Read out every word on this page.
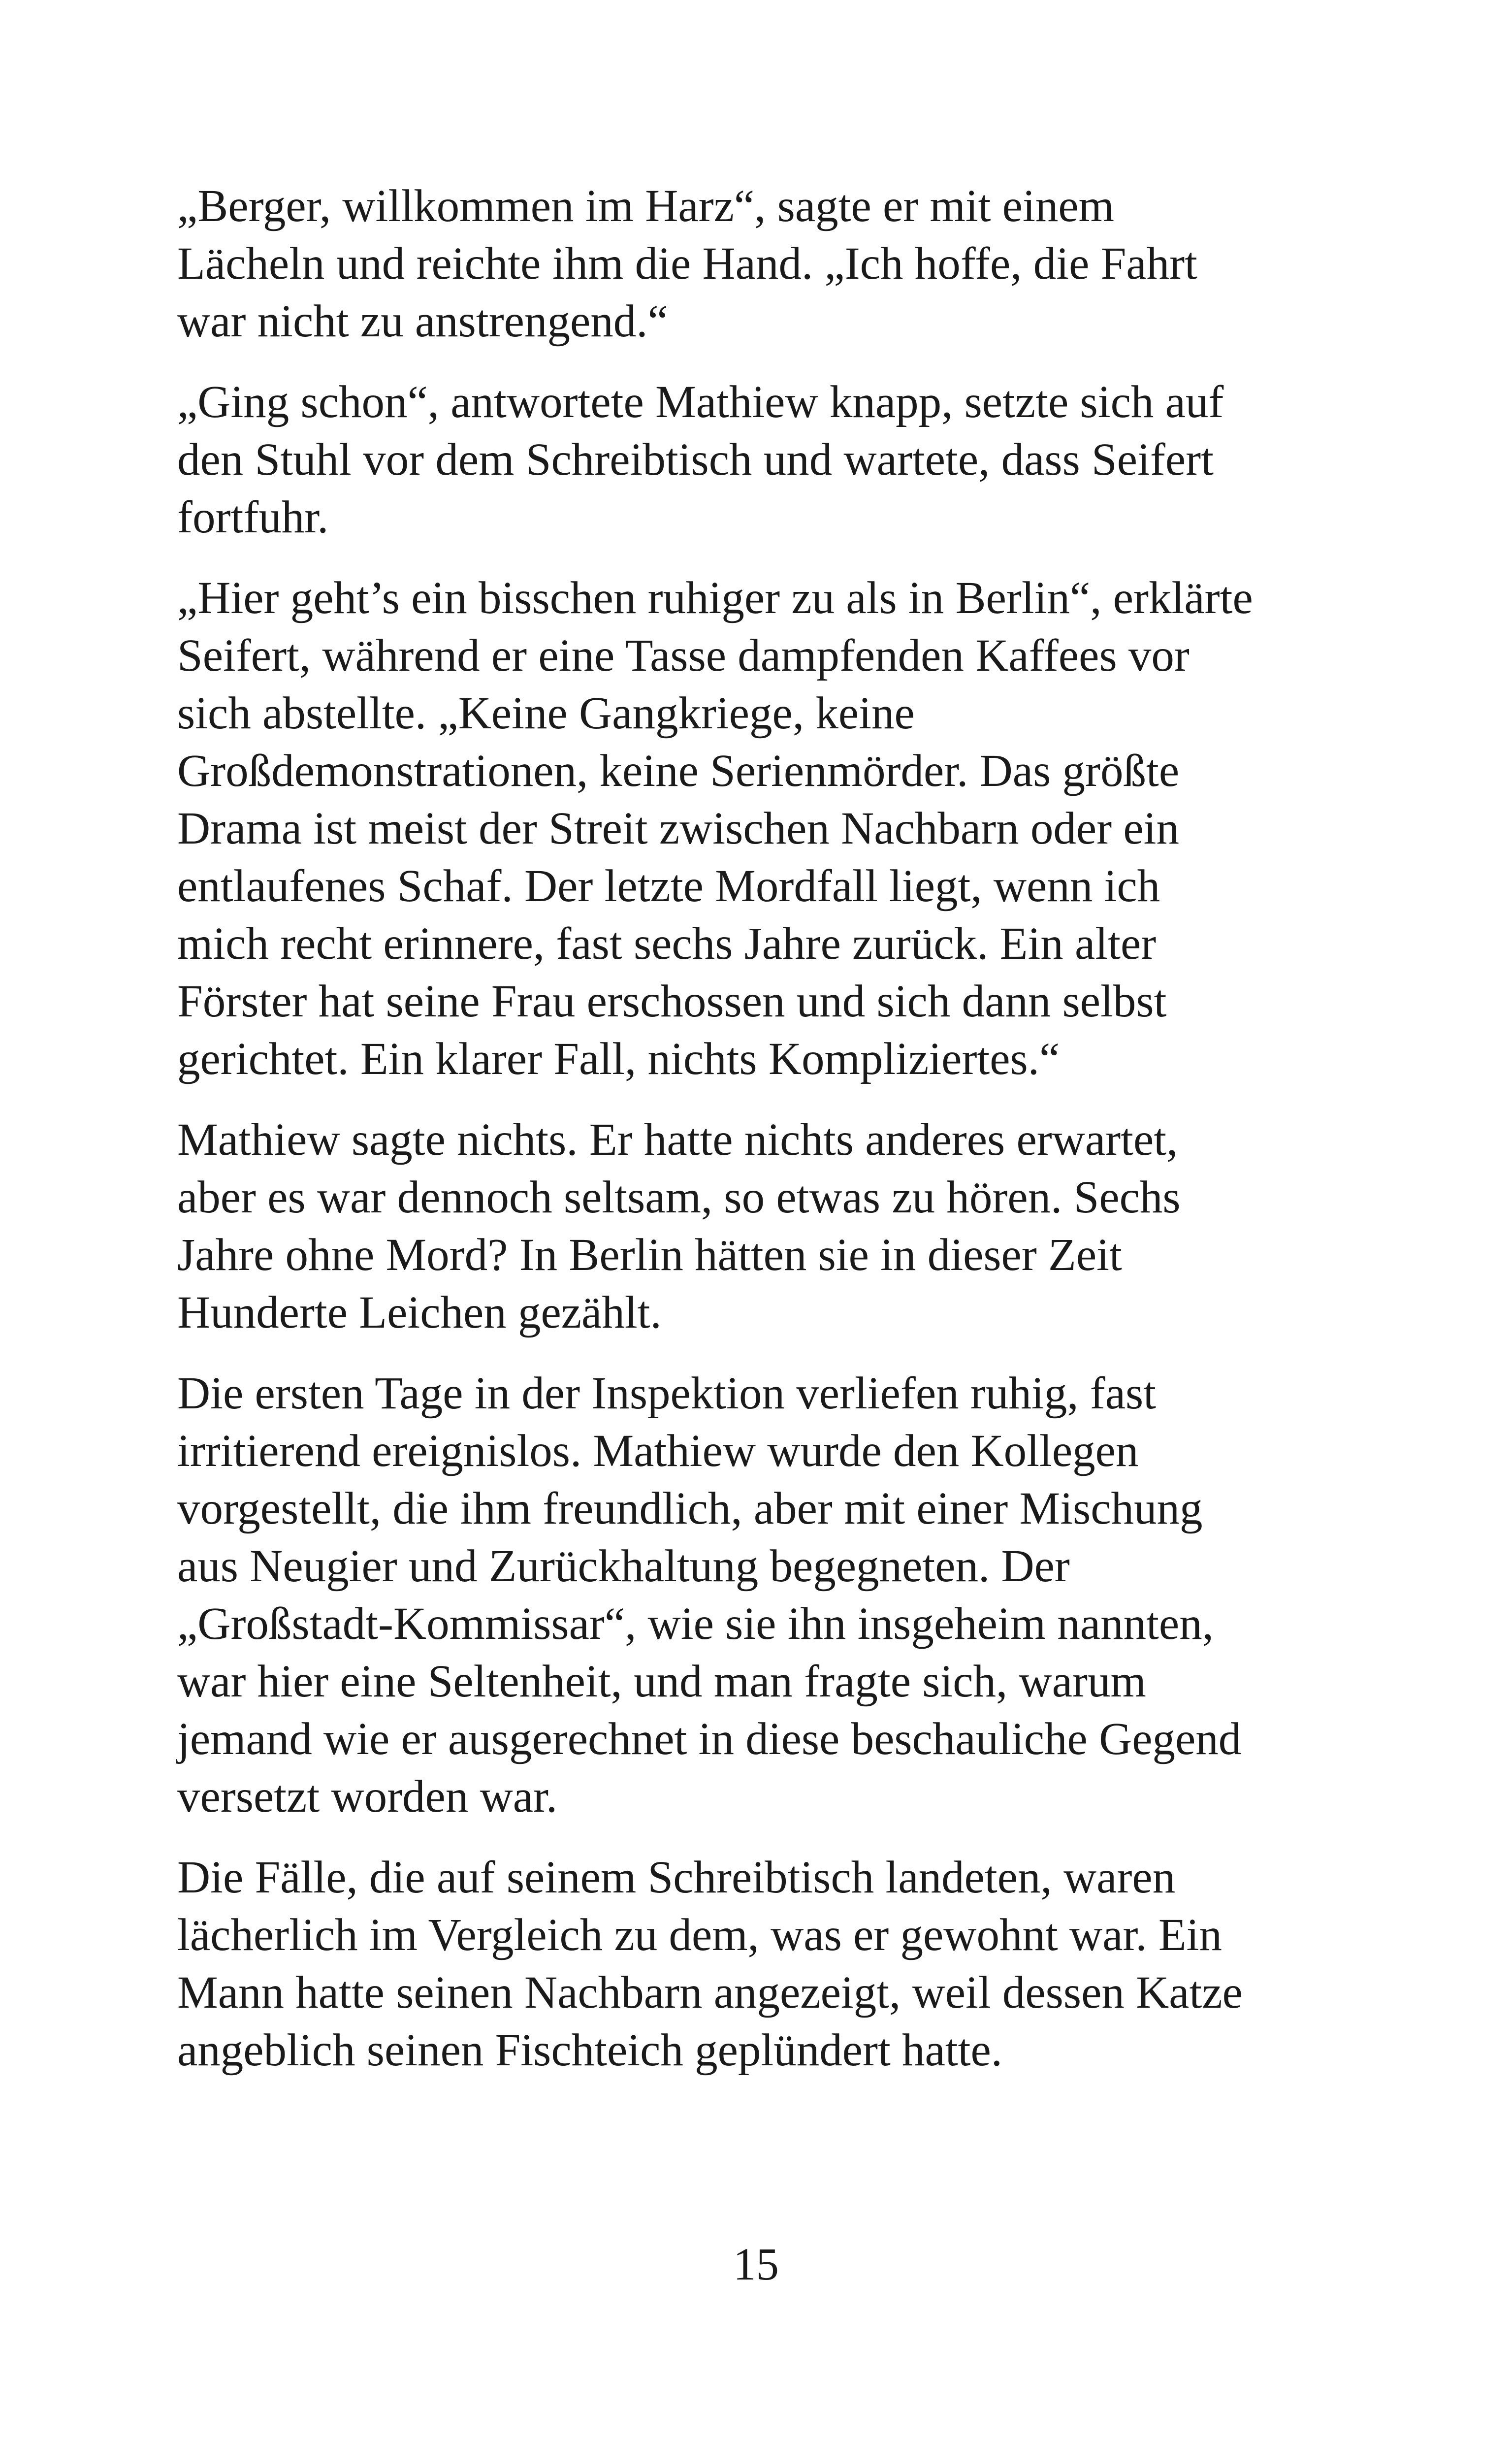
„Berger, willkommen im Harz“, sagte er mit einem
Lächeln und reichte ihm die Hand. „Ich hoffe, die Fahrt
war nicht zu anstrengend.“

„Ging schon“, antwortete Mathiew knapp, setzte sich auf
den Stuhl vor dem Schreibtisch und wartete, dass Seifert
fortfuhr.

„Hier geht’s ein bisschen ruhiger zu als in Berlin“, erklärte
Seifert, während er eine Tasse dampfenden Kaffees vor
sich abstellte. „Keine Gangkriege, keine
Großdemonstrationen, keine Serienmörder. Das größte
Drama ist meist der Streit zwischen Nachbarn oder ein
entlaufenes Schaf. Der letzte Mordfall liegt, wenn ich
mich recht erinnere, fast sechs Jahre zurück. Ein alter
Förster hat seine Frau erschossen und sich dann selbst
gerichtet. Ein klarer Fall, nichts Kompliziertes.“

Mathiew sagte nichts. Er hatte nichts anderes erwartet,
aber es war dennoch seltsam, so etwas zu hören. Sechs
Jahre ohne Mord? In Berlin hätten sie in dieser Zeit
Hunderte Leichen gezählt.

Die ersten Tage in der Inspektion verliefen ruhig, fast
irritierend ereignislos. Mathiew wurde den Kollegen
vorgestellt, die ihm freundlich, aber mit einer Mischung
aus Neugier und Zurückhaltung begegneten. Der
„Großstadt-Kommissar“, wie sie ihn insgeheim nannten,
war hier eine Seltenheit, und man fragte sich, warum
jemand wie er ausgerechnet in diese beschauliche Gegend
versetzt worden war.

Die Fälle, die auf seinem Schreibtisch landeten, waren
lächerlich im Vergleich zu dem, was er gewohnt war. Ein
Mann hatte seinen Nachbarn angezeigt, weil dessen Katze
angeblich seinen Fischteich geplündert hatte.

15
